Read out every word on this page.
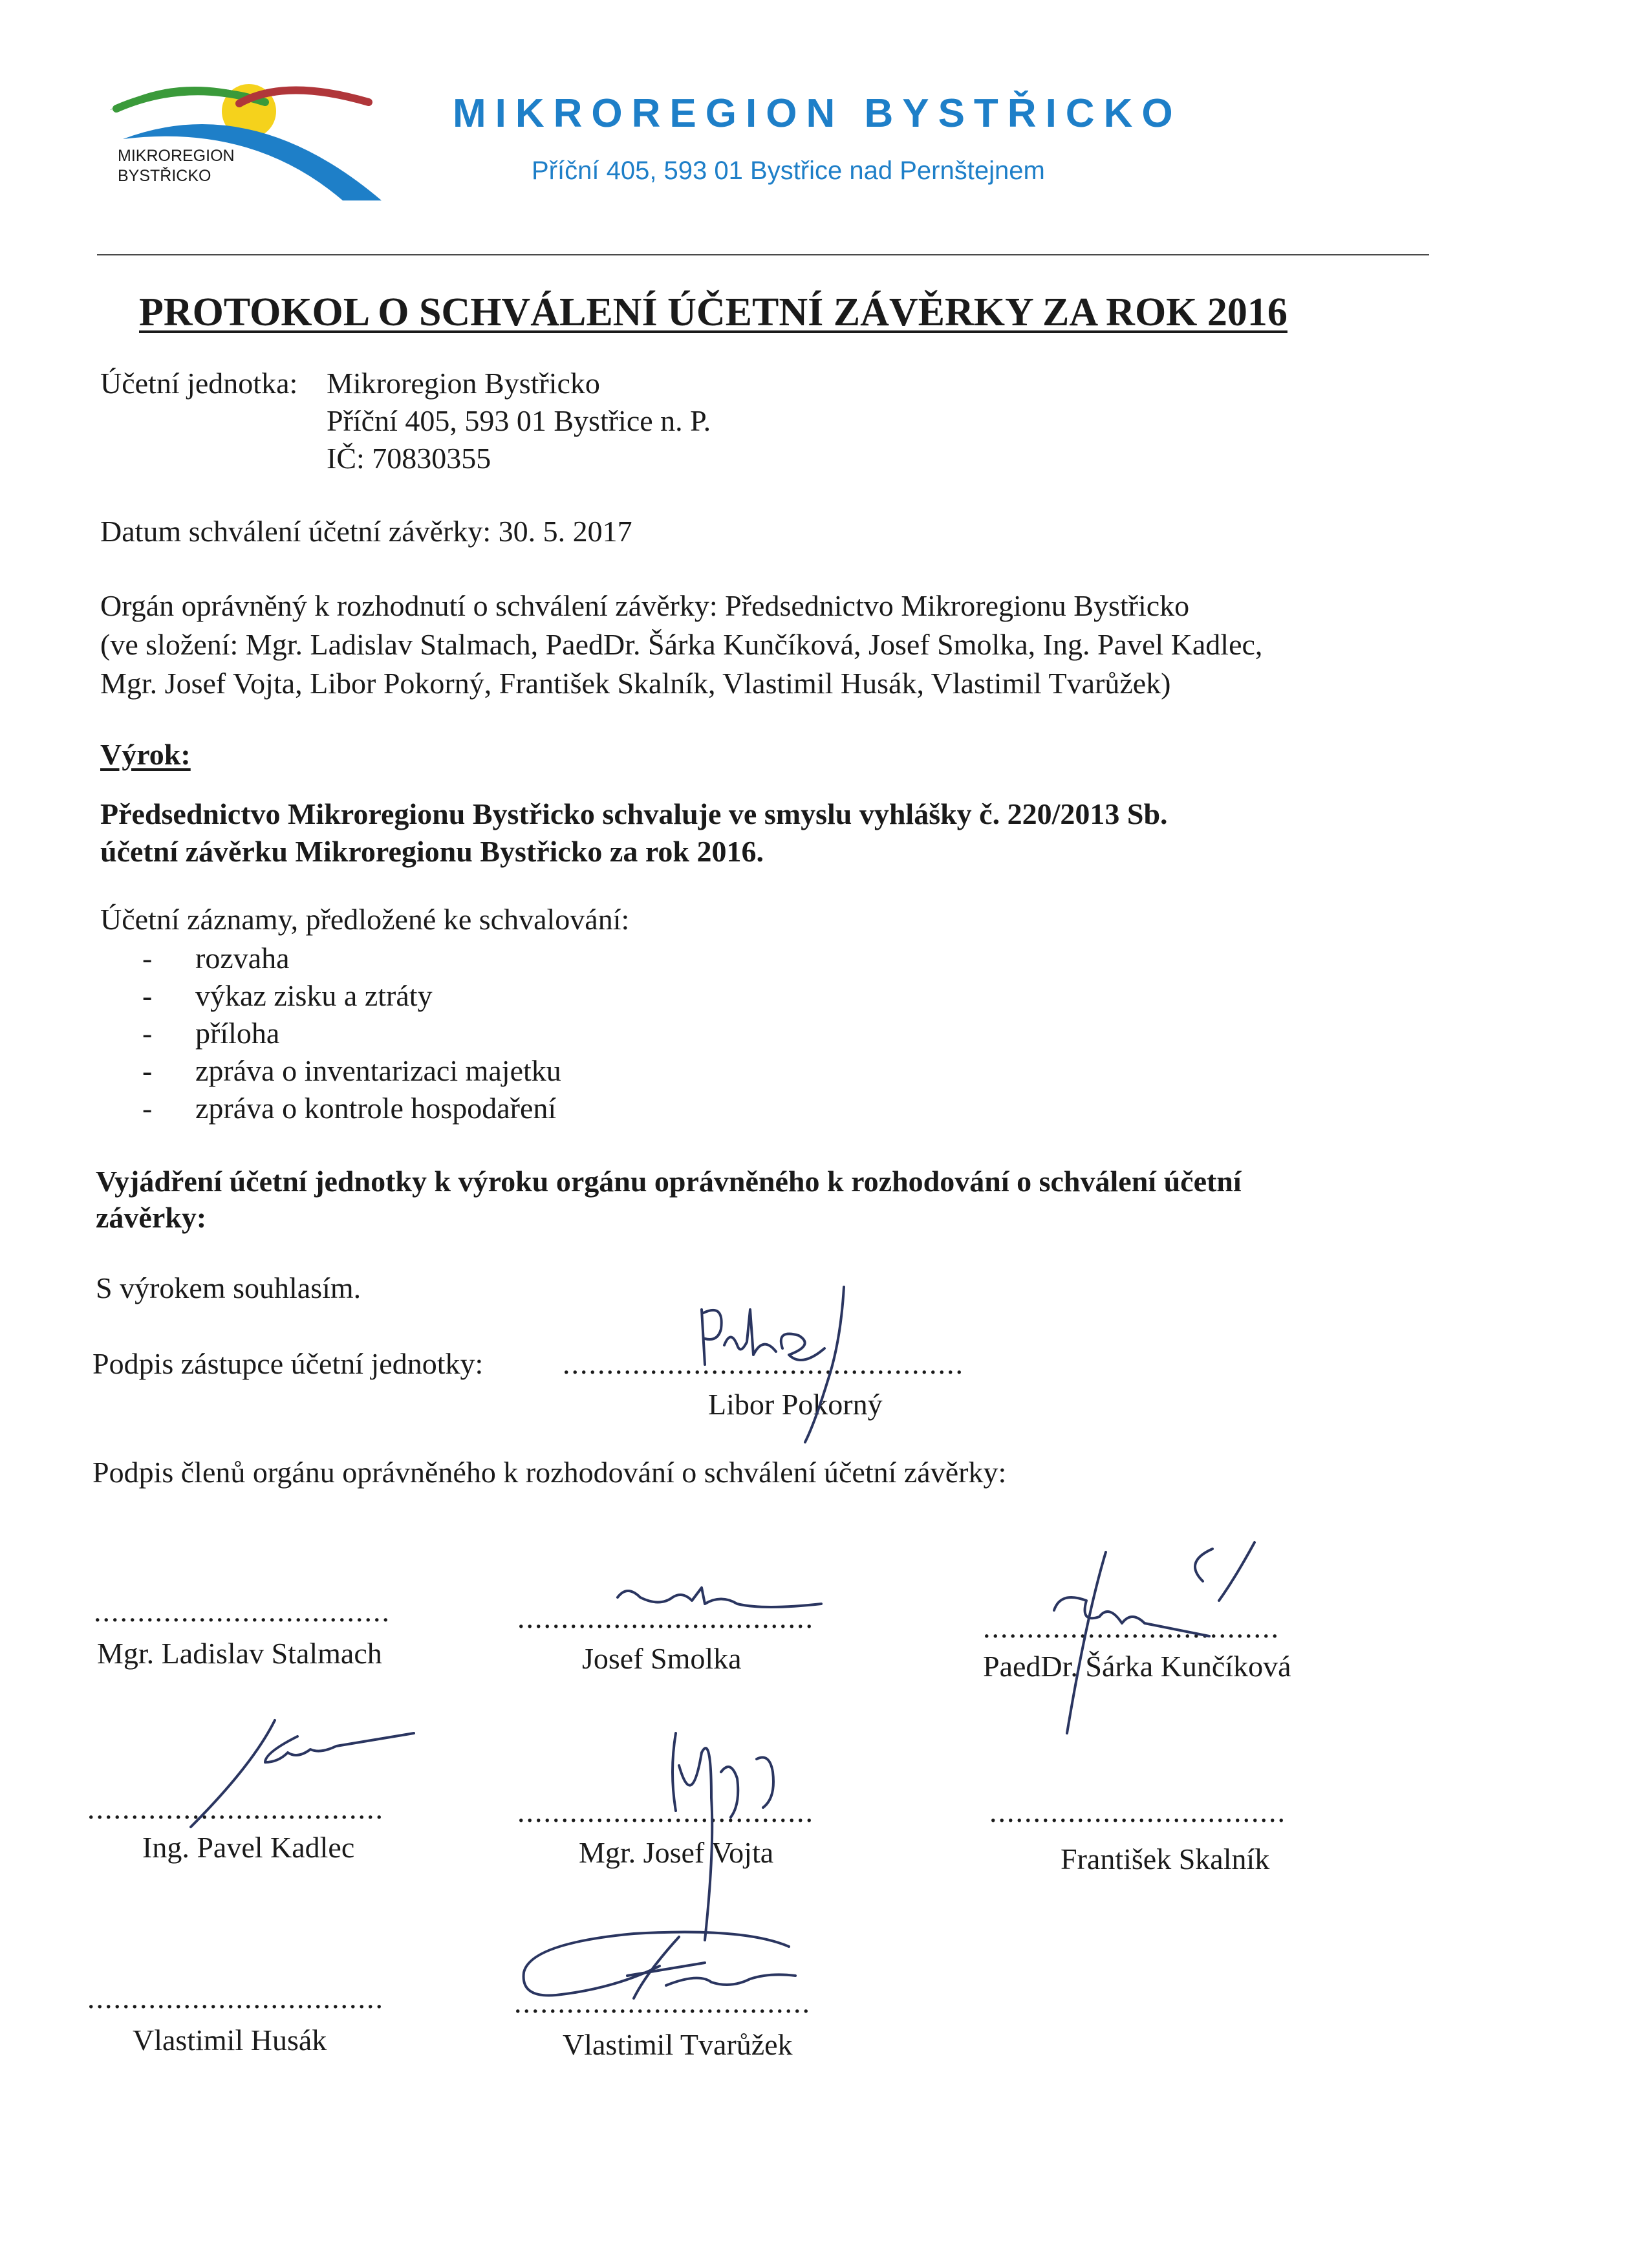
MIKROREGION
BYSTŘICKO
MIKROREGION BYSTŘICKO
Příční 405, 593 01 Bystřice nad Pernštejnem
PROTOKOL O SCHVÁLENÍ ÚČETNÍ ZÁVĚRKY ZA ROK 2016
Účetní jednotka: Mikroregion Bystřicko
Příční 405, 593 01 Bystřice n. P.
IČ: 70830355
Datum schválení účetní závěrky: 30. 5. 2017
Orgán oprávněný k rozhodnutí o schválení závěrky: Předsednictvo Mikroregionu Bystřicko
(ve složení: Mgr. Ladislav Stalmach, PaedDr. Šárka Kunčíková, Josef Smolka, Ing. Pavel Kadlec,
Mgr. Josef Vojta, Libor Pokorný, František Skalník, Vlastimil Husák, Vlastimil Tvarůžek)
Výrok:
Předsednictvo Mikroregionu Bystřicko schvaluje ve smyslu vyhlášky č. 220/2013 Sb.
účetní závěrku Mikroregionu Bystřicko za rok 2016.
Účetní záznamy, předložené ke schvalování:
- rozvaha
- výkaz zisku a ztráty
- příloha
- zpráva o inventarizaci majetku
- zpráva o kontrole hospodaření
Vyjádření účetní jednotky k výroku orgánu oprávněného k rozhodování o schválení účetní
závěrky:
S výrokem souhlasím.
Podpis zástupce účetní jednotky:	..............................................
Libor Pokorný
Podpis členů orgánu oprávněného k rozhodování o schválení účetní závěrky:
..................................
Mgr. Ladislav Stalmach
..................................
Josef Smolka
..................................
PaedDr. Šárka Kunčíková
..................................
Ing. Pavel Kadlec
..................................
Mgr. Josef Vojta
..................................
František Skalník
..................................
Vlastimil Husák
..................................
Vlastimil Tvarůžek
